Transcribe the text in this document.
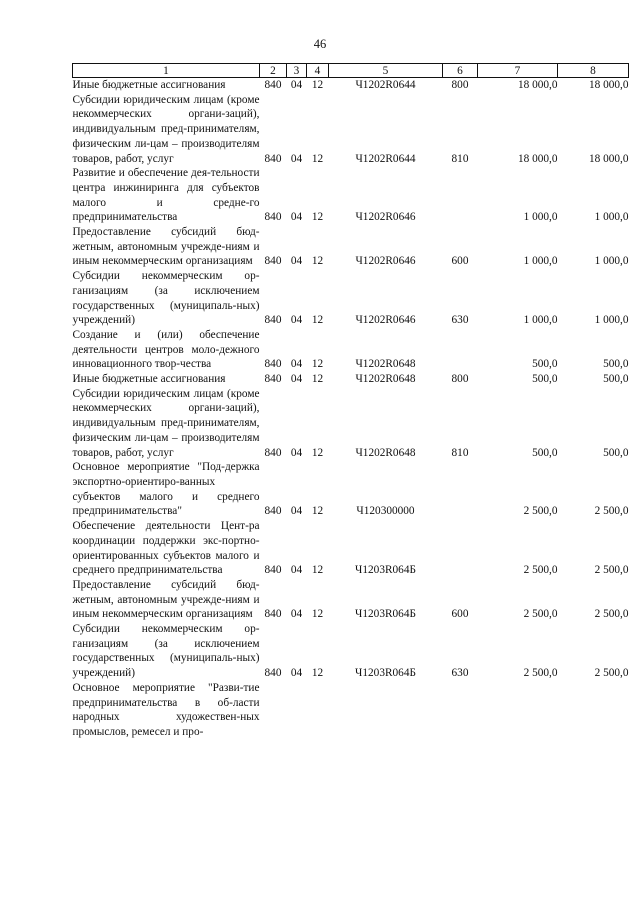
46
1	2	3	4	5	6	7	8
Иные бюджетные ассигнования	840	04	12	Ч1202R0644	800	18 000,0	18 000,0
Субсидии юридическим лицам (кроме некоммерческих органи-заций), индивидуальным пред-принимателям, физическим ли-цам – производителям товаров, работ, услуг	840	04	12	Ч1202R0644	810	18 000,0	18 000,0
Развитие и обеспечение дея-тельности центра инжиниринга для субъектов малого и средне-го предпринимательства	840	04	12	Ч1202R0646		1 000,0	1 000,0
Предоставление субсидий бюд-жетным, автономным учрежде-ниям и иным некоммерческим организациям	840	04	12	Ч1202R0646	600	1 000,0	1 000,0
Субсидии некоммерческим ор-ганизациям (за исключением государственных (муниципаль-ных) учреждений)	840	04	12	Ч1202R0646	630	1 000,0	1 000,0
Создание и (или) обеспечение деятельности центров моло-дежного инновационного твор-чества	840	04	12	Ч1202R0648		500,0	500,0
Иные бюджетные ассигнования	840	04	12	Ч1202R0648	800	500,0	500,0
Субсидии юридическим лицам (кроме некоммерческих органи-заций), индивидуальным пред-принимателям, физическим ли-цам – производителям товаров, работ, услуг	840	04	12	Ч1202R0648	810	500,0	500,0
Основное мероприятие "Под-держка экспортно-ориентиро-ванных субъектов малого и среднего предпринимательства"	840	04	12	Ч120300000		2 500,0	2 500,0
Обеспечение деятельности Цент-ра координации поддержки экс-портно-ориентированных субъектов малого и среднего предпринимательства	840	04	12	Ч1203R064Б		2 500,0	2 500,0
Предоставление субсидий бюд-жетным, автономным учрежде-ниям и иным некоммерческим организациям	840	04	12	Ч1203R064Б	600	2 500,0	2 500,0
Субсидии некоммерческим ор-ганизациям (за исключением государственных (муниципаль-ных) учреждений)	840	04	12	Ч1203R064Б	630	2 500,0	2 500,0
Основное мероприятие "Разви-тие предпринимательства в об-ласти народных художествен-ных промыслов, ремесел и про-							
